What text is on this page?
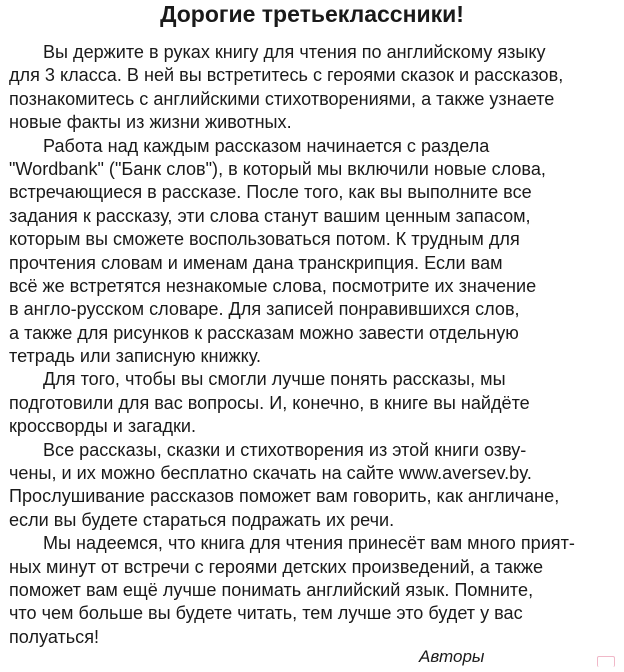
Дорогие третьеклассники!

Вы держите в руках книгу для чтения по английскому языку

для 3 класса. В ней вы встретитесь с героями сказок и рассказов,

познакомитесь с английскими стихотворениями, а также узнаете

новые факты из жизни животных.

Работа над каждым рассказом начинается с раздела

"Wordbank" ("Банк слов"), в который мы включили новые слова,

встречающиеся в рассказе. После того, как вы выполните все

задания к рассказу, эти слова станут вашим ценным запасом,

которым вы сможете воспользоваться потом. К трудным для

прочтения словам и именам дана транскрипция. Если вам

всё же встретятся незнакомые слова, посмотрите их значение

в англо-русском словаре. Для записей понравившихся слов,

а также для рисунков к рассказам можно завести отдельную

тетрадь или записную книжку.

Для того, чтобы вы смогли лучше понять рассказы, мы

подготовили для вас вопросы. И, конечно, в книге вы найдёте

кроссворды и загадки.

Все рассказы, сказки и стихотворения из этой книги озву-

чены, и их можно бесплатно скачать на сайте www.aversev.by.

Прослушивание рассказов поможет вам говорить, как англичане,

если вы будете стараться подражать их речи.

Мы надеемся, что книга для чтения принесёт вам много прият-

ных минут от встречи с героями детских произведений, а также

поможет вам ещё лучше понимать английский язык. Помните,

что чем больше вы будете читать, тем лучше это будет у вас

полуаться!

Авторы
